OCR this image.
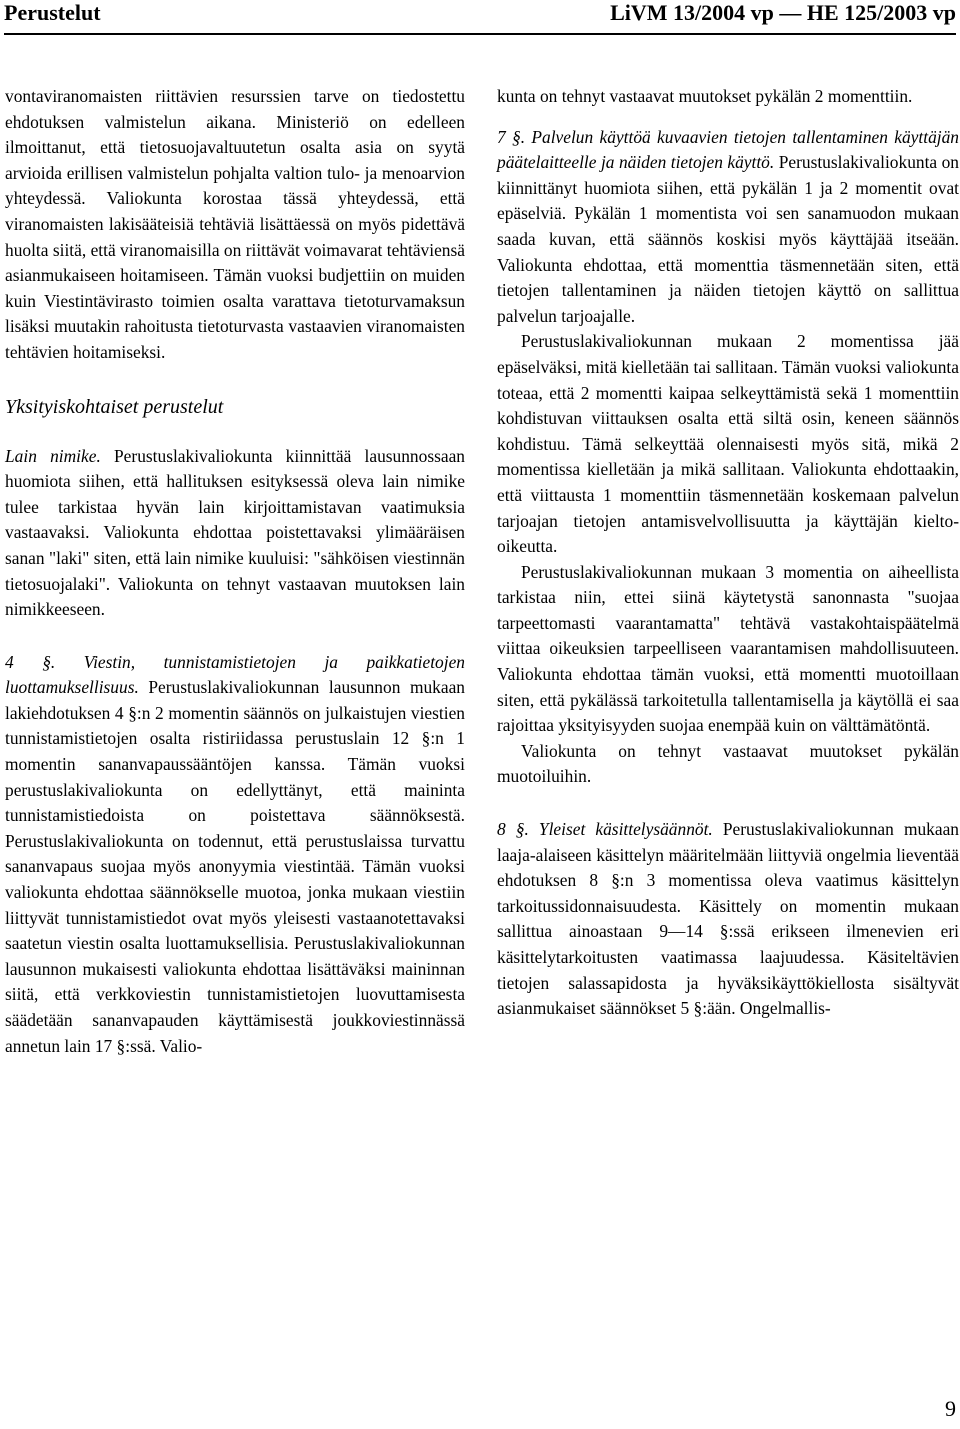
Perustelut	LiVM 13/2004 vp — HE 125/2003 vp

vontaviranomaisten riittävien resurssien tarve on tiedostettu ehdotuksen valmistelun aikana. Ministeriö on edelleen ilmoittanut, että tietosuojavaltuutetun osalta asia on syytä arvioida erillisen valmistelun pohjalta valtion tulo- ja menoarvion yhteydessä. Valiokunta korostaa tässä yhteydessä, että viranomaisten lakisääteisiä tehtäviä lisättäessä on myös pidettävä huolta siitä, että viranomaisilla on riittävät voimavarat tehtäviensä asianmukaiseen hoitamiseen. Tämän vuoksi budjettiin on muiden kuin Viestintävirasto toimien osalta varattava tietoturvamaksun lisäksi muutakin rahoitusta tietoturvasta vastaavien viranomaisten tehtävien hoitamiseksi.

Yksityiskohtaiset perustelut

Lain nimike. Perustuslakivaliokunta kiinnittää lausunnossaan huomiota siihen, että hallituksen esityksessä oleva lain nimike tulee tarkistaa hyvän lain kirjoittamistavan vaatimuksia vastaavaksi. Valiokunta ehdottaa poistettavaksi ylimääräisen sanan "laki" siten, että lain nimike kuuluisi: "sähköisen viestinnän tietosuojalaki". Valiokunta on tehnyt vastaavan muutoksen lain nimikkeeseen.

4 §. Viestin, tunnistamistietojen ja paikkatietojen luottamuksellisuus. Perustuslakivaliokunnan lausunnon mukaan lakiehdotuksen 4 §:n 2 momentin säännös on julkaistujen viestien tunnistamistietojen osalta ristiriidassa perustuslain 12 §:n 1 momentin sananvapaussääntöjen kanssa. Tämän vuoksi perustuslakivaliokunta on edellyttänyt, että maininta tunnistamistiedoista on poistettava säännöksestä. Perustuslakivaliokunta on todennut, että perustuslaissa turvattu sananvapaus suojaa myös anonyymia viestintää. Tämän vuoksi valiokunta ehdottaa säännökselle muotoa, jonka mukaan viestiin liittyvät tunnistamistiedot ovat myös yleisesti vastaanotettavaksi saatetun viestin osalta luottamuksellisia. Perustuslakivaliokunnan lausunnon mukaisesti valiokunta ehdottaa lisättäväksi maininnan siitä, että verkkoviestin tunnistamistietojen luovuttamisesta säädetään sananvapauden käyttämisestä joukkoviestinnässä annetun lain 17 §:ssä. Valio-

kunta on tehnyt vastaavat muutokset pykälän 2 momenttiin.

7 §. Palvelun käyttöä kuvaavien tietojen tallentaminen käyttäjän päätelaitteelle ja näiden tietojen käyttö. Perustuslakivaliokunta on kiinnittänyt huomiota siihen, että pykälän 1 ja 2 momentit ovat epäselviä. Pykälän 1 momentista voi sen sanamuodon mukaan saada kuvan, että säännös koskisi myös käyttäjää itseään. Valiokunta ehdottaa, että momenttia täsmennetään siten, että tietojen tallentaminen ja näiden tietojen käyttö on sallittua palvelun tarjoajalle.

Perustuslakivaliokunnan mukaan 2 momentissa jää epäselväksi, mitä kielletään tai sallitaan. Tämän vuoksi valiokunta toteaa, että 2 momentti kaipaa selkeyttämistä sekä 1 momenttiin kohdistuvan viittauksen osalta että siltä osin, keneen säännös kohdistuu. Tämä selkeyttää olennaisesti myös sitä, mikä 2 momentissa kielletään ja mikä sallitaan. Valiokunta ehdottaakin, että viittausta 1 momenttiin täsmennetään koskemaan palvelun tarjoajan tietojen antamisvelvollisuutta ja käyttäjän kielto-oikeutta.

Perustuslakivaliokunnan mukaan 3 momentia on aiheellista tarkistaa niin, ettei siinä käytetystä sanonnasta "suojaa tarpeettomasti vaarantamatta" tehtävä vastakohtaispäätelmä viittaa oikeuksien tarpeelliseen vaarantamisen mahdollisuuteen. Valiokunta ehdottaa tämän vuoksi, että momentti muotoillaan siten, että pykälässä tarkoitetulla tallentamisella ja käytöllä ei saa rajoittaa yksityisyyden suojaa enempää kuin on välttämätöntä.

Valiokunta on tehnyt vastaavat muutokset pykälän muotoiluihin.

8 §. Yleiset käsittelysäännöt. Perustuslakivaliokunnan mukaan laaja-alaiseen käsittelyn määritelmään liittyviä ongelmia lieventää ehdotuksen 8 §:n 3 momentissa oleva vaatimus käsittelyn tarkoitussidonnaisuudesta. Käsittely on momentin mukaan sallittua ainoastaan 9—14 §:ssä erikseen ilmenevien eri käsittelytarkoitusten vaatimassa laajuudessa. Käsiteltävien tietojen salassapidosta ja hyväksikäyttökiellosta sisältyvät asianmukaiset säännökset 5 §:ään. Ongelmallis-

9
